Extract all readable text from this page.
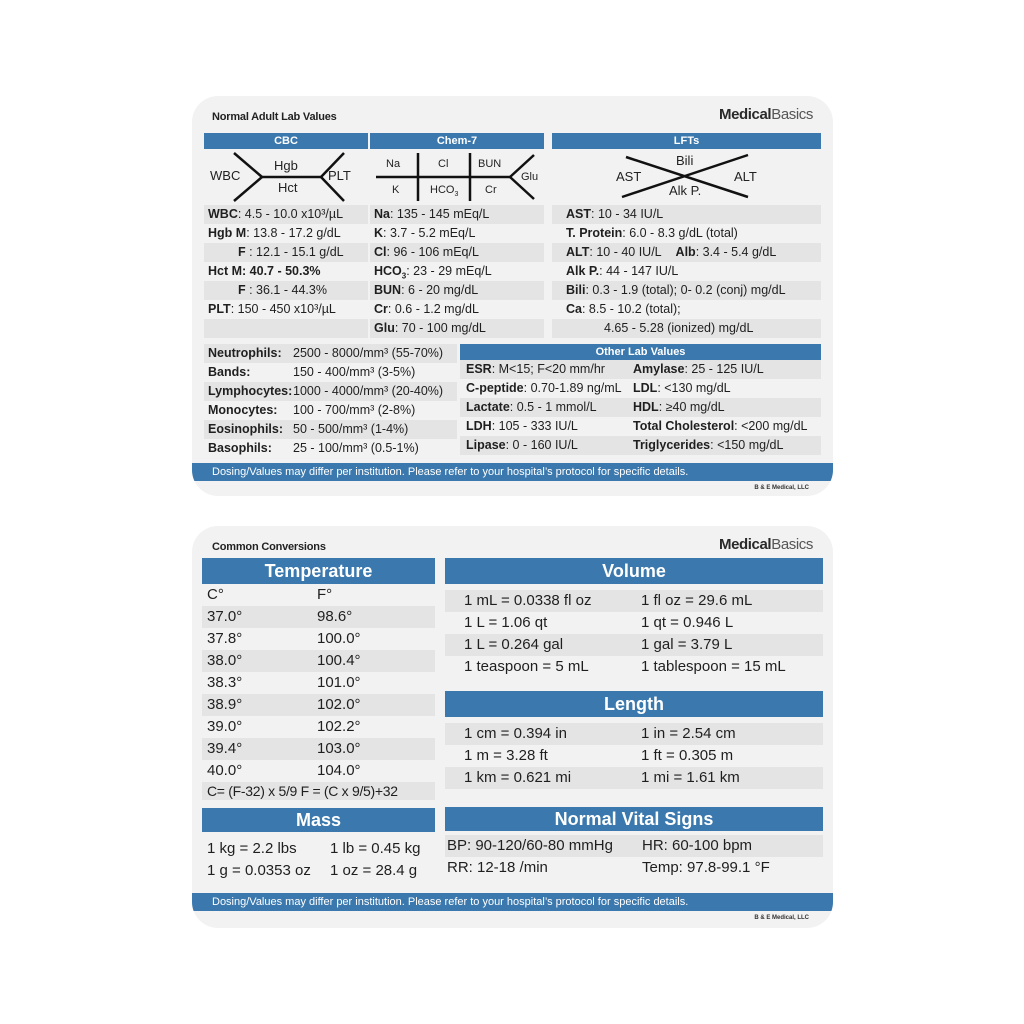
Normal Adult Lab Values	MedicalBasics
CBC
WBC
Hgb
Hct
PLT
WBC: 4.5 - 10.0 x10³/µL
Hgb M: 13.8 - 17.2 g/dL
F : 12.1 - 15.1 g/dL
Hct M: 40.7 - 50.3%
F : 36.1 - 44.3%
PLT: 150 - 450 x10³/µL
Chem-7
Na	Cl	BUN
K	$HCO_3$ Cr
Glu
Na: 135 - 145 mEq/L
K: 3.7 - 5.2 mEq/L
Cl: 96 - 106 mEq/L
$HCO_3$: 23 - 29 mEq/L
BUN: 6 - 20 mg/dL
Cr: 0.6 - 1.2 mg/dL
Glu: 70 - 100 mg/dL
LFTs
AST
Bili
Alk P.
ALT
AST: 10 - 34 IU/L
T. Protein: 6.0 - 8.3 g/dL (total)
ALT: 10 - 40 IU/L Alb: 3.4 - 5.4 g/dL
Alk P.: 44 - 147 IU/L
Bili: 0.3 - 1.9 (total); 0- 0.2 (conj) mg/dL
Ca: 8.5 - 10.2 (total);
4.65 - 5.28 (ionized) mg/dL
Neutrophils: 2500 - 8000/mm³ (55-70%)
Bands:	150 - 400/mm³ (3-5%)
Lymphocytes:1000 - 4000/mm³ (20-40%)
Monocytes: 100 - 700/mm³ (2-8%)
Eosinophils: 50 - 500/mm³ (1-4%)
Basophils: 25 - 100/mm³ (0.5-1%)
Other Lab Values
ESR: M<15; F<20 mm/hr Amylase: 25 - 125 IU/L
C-peptide: 0.70-1.89 ng/mL LDL: <130 mg/dL
Lactate: 0.5 - 1 mmol/L	HDL: ≥40 mg/dL
LDH: 105 - 333 IU/L	Total Cholesterol: <200 mg/dL
Lipase: 0 - 160 IU/L	Triglycerides: <150 mg/dL
Dosing/Values may differ per institution. Please refer to your hospital’s protocol for specific details.
B & E Medical, LLC
Common Conversions	MedicalBasics
Temperature
C°	F°
37.0°	98.6°
37.8°	100.0°
38.0°	100.4°
38.3°	101.0°
38.9°	102.0°
39.0°	102.2°
39.4°	103.0°
40.0°	104.0°
C= (F-32) x 5/9 F = (C x 9/5)+32
Mass
1 kg = 2.2 lbs 1 lb = 0.45 kg
1 g = 0.0353 oz 1 oz = 28.4 g
Volume
1 mL = 0.0338 fl oz	1 fl oz = 29.6 mL
1 L = 1.06 qt	1 qt = 0.946 L
1 L = 0.264 gal	1 gal = 3.79 L
1 teaspoon = 5 mL	1 tablespoon = 15 mL
Length
1 cm = 0.394 in	1 in = 2.54 cm
1 m = 3.28 ft	1 ft = 0.305 m
1 km = 0.621 mi	1 mi = 1.61 km
Normal Vital Signs
BP: 90-120/60-80 mmHg HR: 60-100 bpm
RR: 12-18 /min	Temp: 97.8-99.1 °F
Dosing/Values may differ per institution. Please refer to your hospital’s protocol for specific details.
B & E Medical, LLC
